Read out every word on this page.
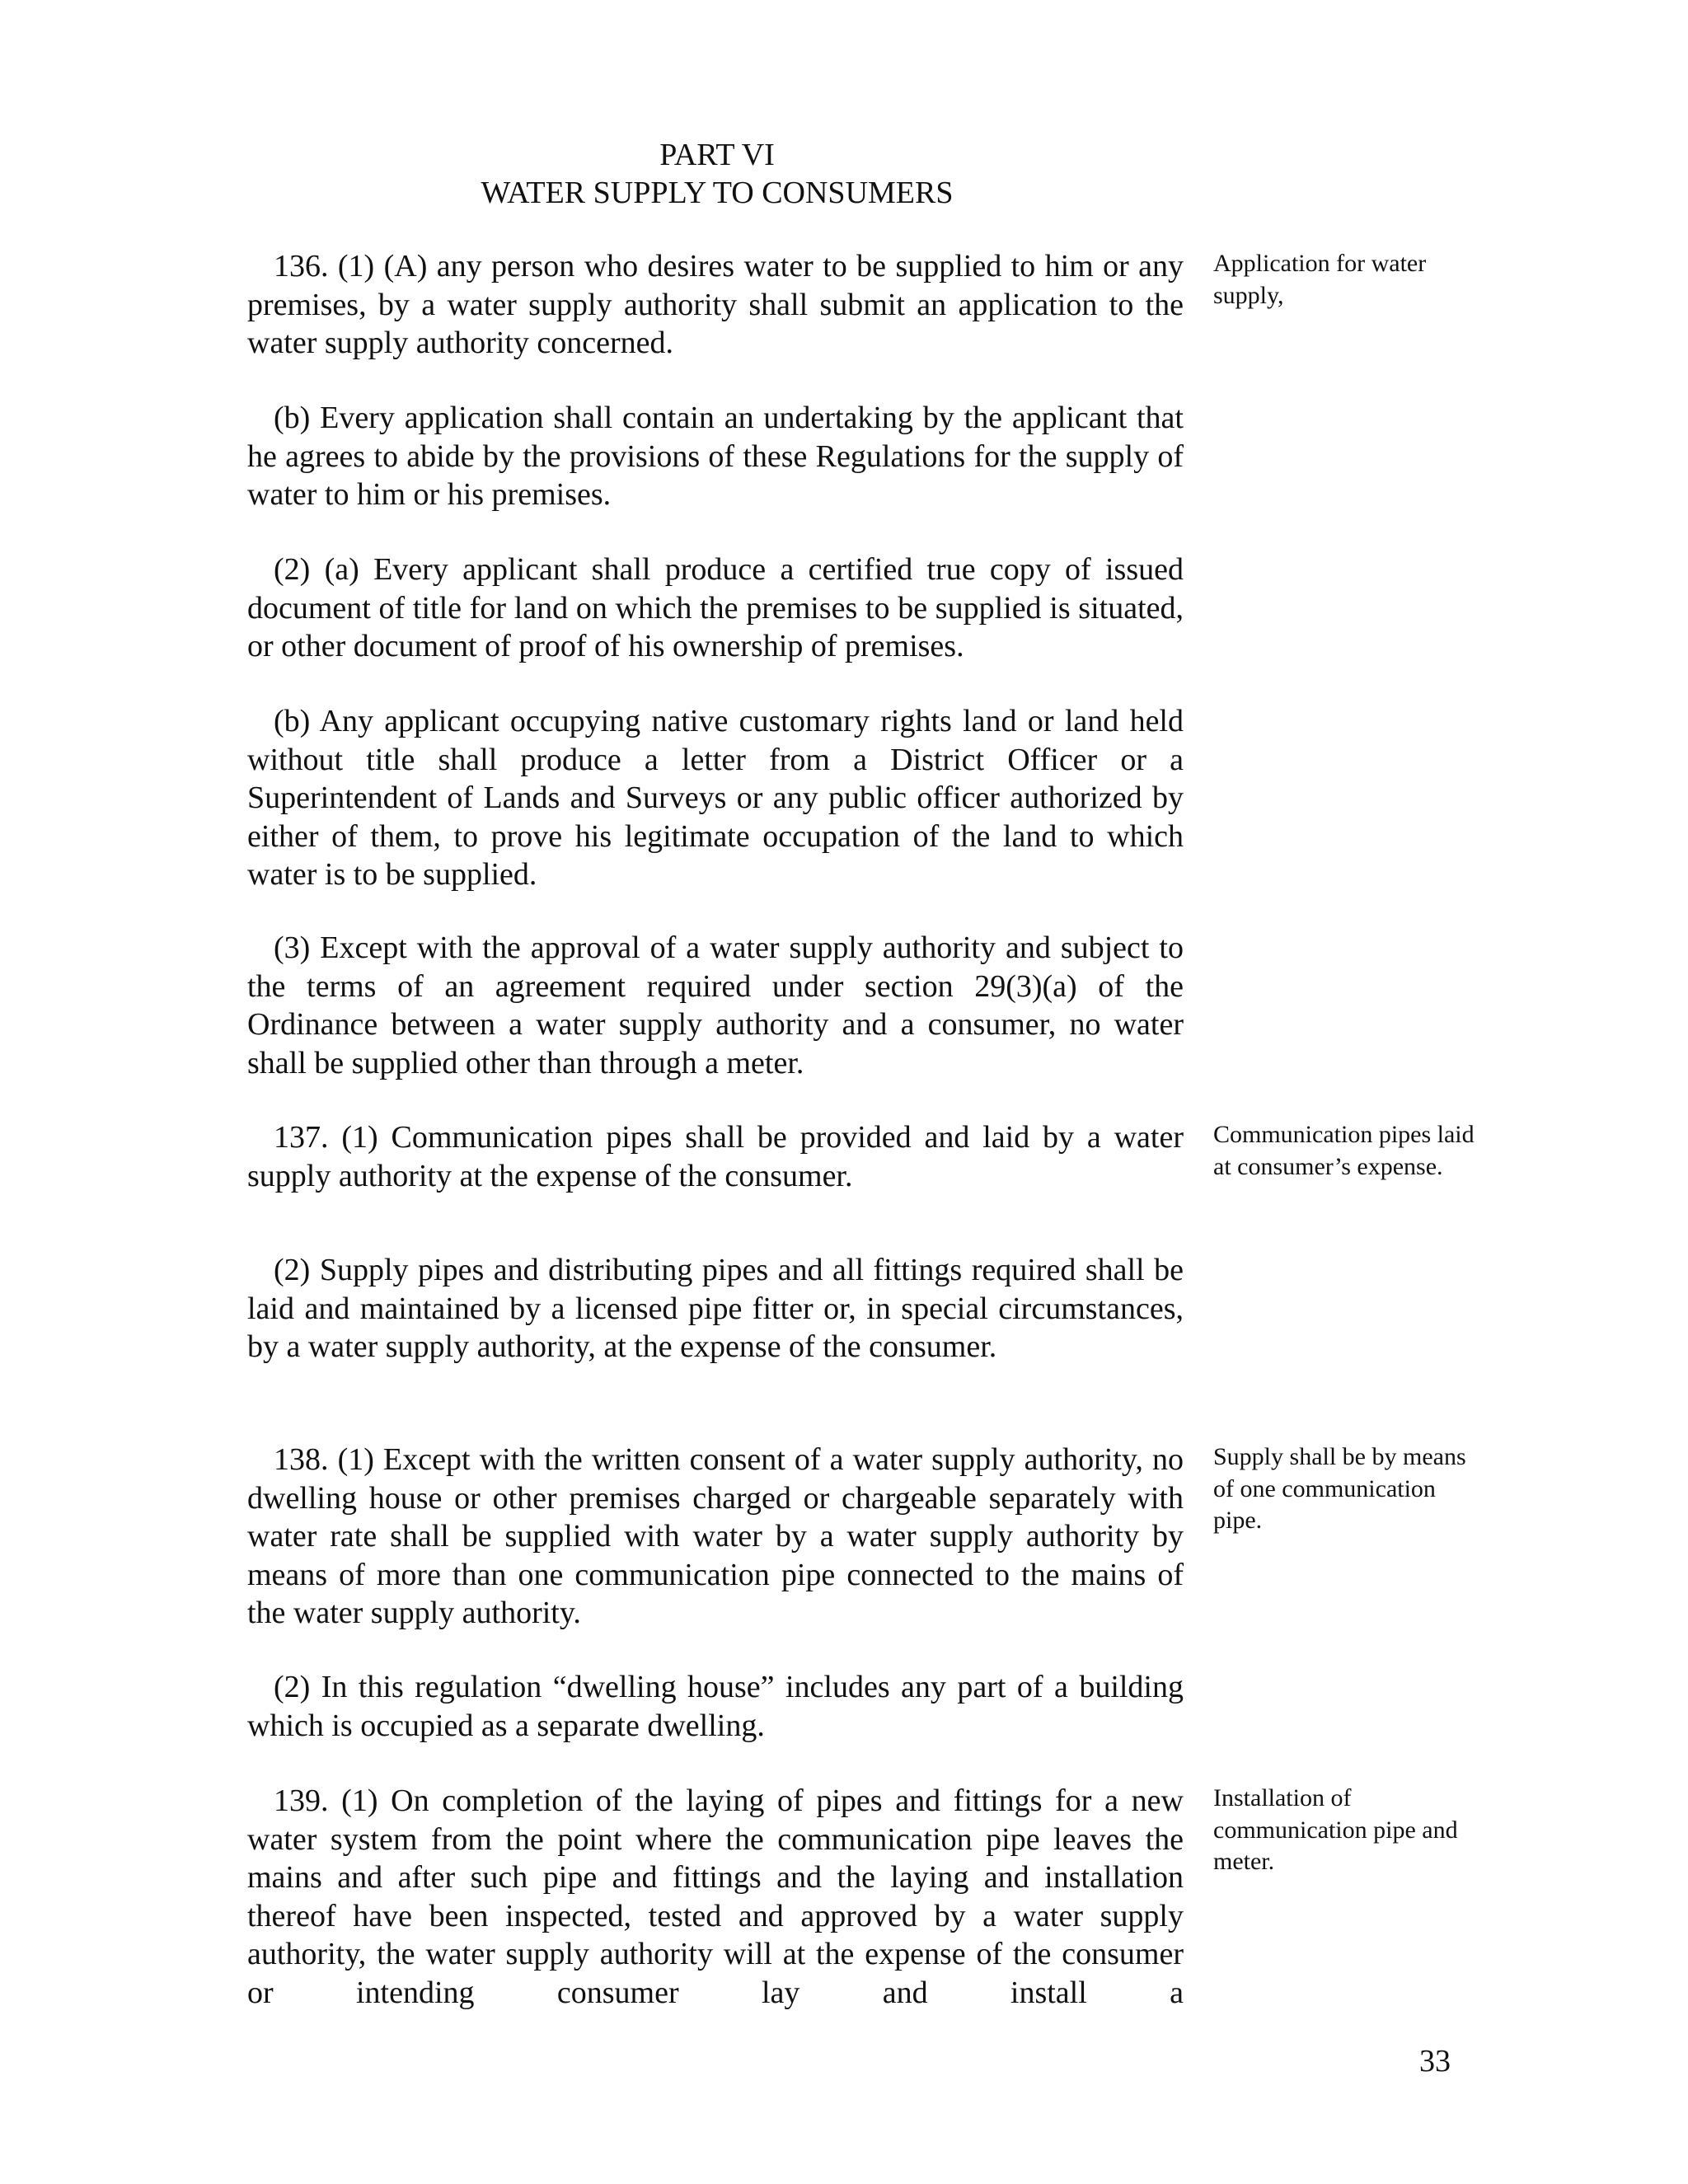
PART VI
WATER SUPPLY TO CONSUMERS

136. (1) (A) any person who desires water to be supplied to him or any premises, by a water supply authority shall submit an application to the water supply authority concerned.

(b) Every application shall contain an undertaking by the applicant that he agrees to abide by the provisions of these Regulations for the supply of water to him or his premises.

(2) (a) Every applicant shall produce a certified true copy of issued document of title for land on which the premises to be supplied is situated, or other document of proof of his ownership of premises.

(b) Any applicant occupying native customary rights land or land held without title shall produce a letter from a District Officer or a Superintendent of Lands and Surveys or any public officer authorized by either of them, to prove his legitimate occupation of the land to which water is to be supplied.

(3) Except with the approval of a water supply authority and subject to the terms of an agreement required under section 29(3)(a) of the Ordinance between a water supply authority and a consumer, no water shall be supplied other than through a meter.

137. (1) Communication pipes shall be provided and laid by a water supply authority at the expense of the consumer.

(2) Supply pipes and distributing pipes and all fittings required shall be laid and maintained by a licensed pipe fitter or, in special circumstances, by a water supply authority, at the expense of the consumer.

138. (1) Except with the written consent of a water supply authority, no dwelling house or other premises charged or chargeable separately with water rate shall be supplied with water by a water supply authority by means of more than one communication pipe connected to the mains of the water supply authority.

(2) In this regulation “dwelling house” includes any part of a building which is occupied as a separate dwelling.

139. (1) On completion of the laying of pipes and fittings for a new water system from the point where the communication pipe leaves the mains and after such pipe and fittings and the laying and installation thereof have been inspected, tested and approved by a water supply authority, the water supply authority will at the expense of the consumer or intending consumer lay and install a

Application for water supply,
Communication pipes laid at consumer’s expense.
Supply shall be by means of one communication pipe.
Installation of communication pipe and meter.
33
